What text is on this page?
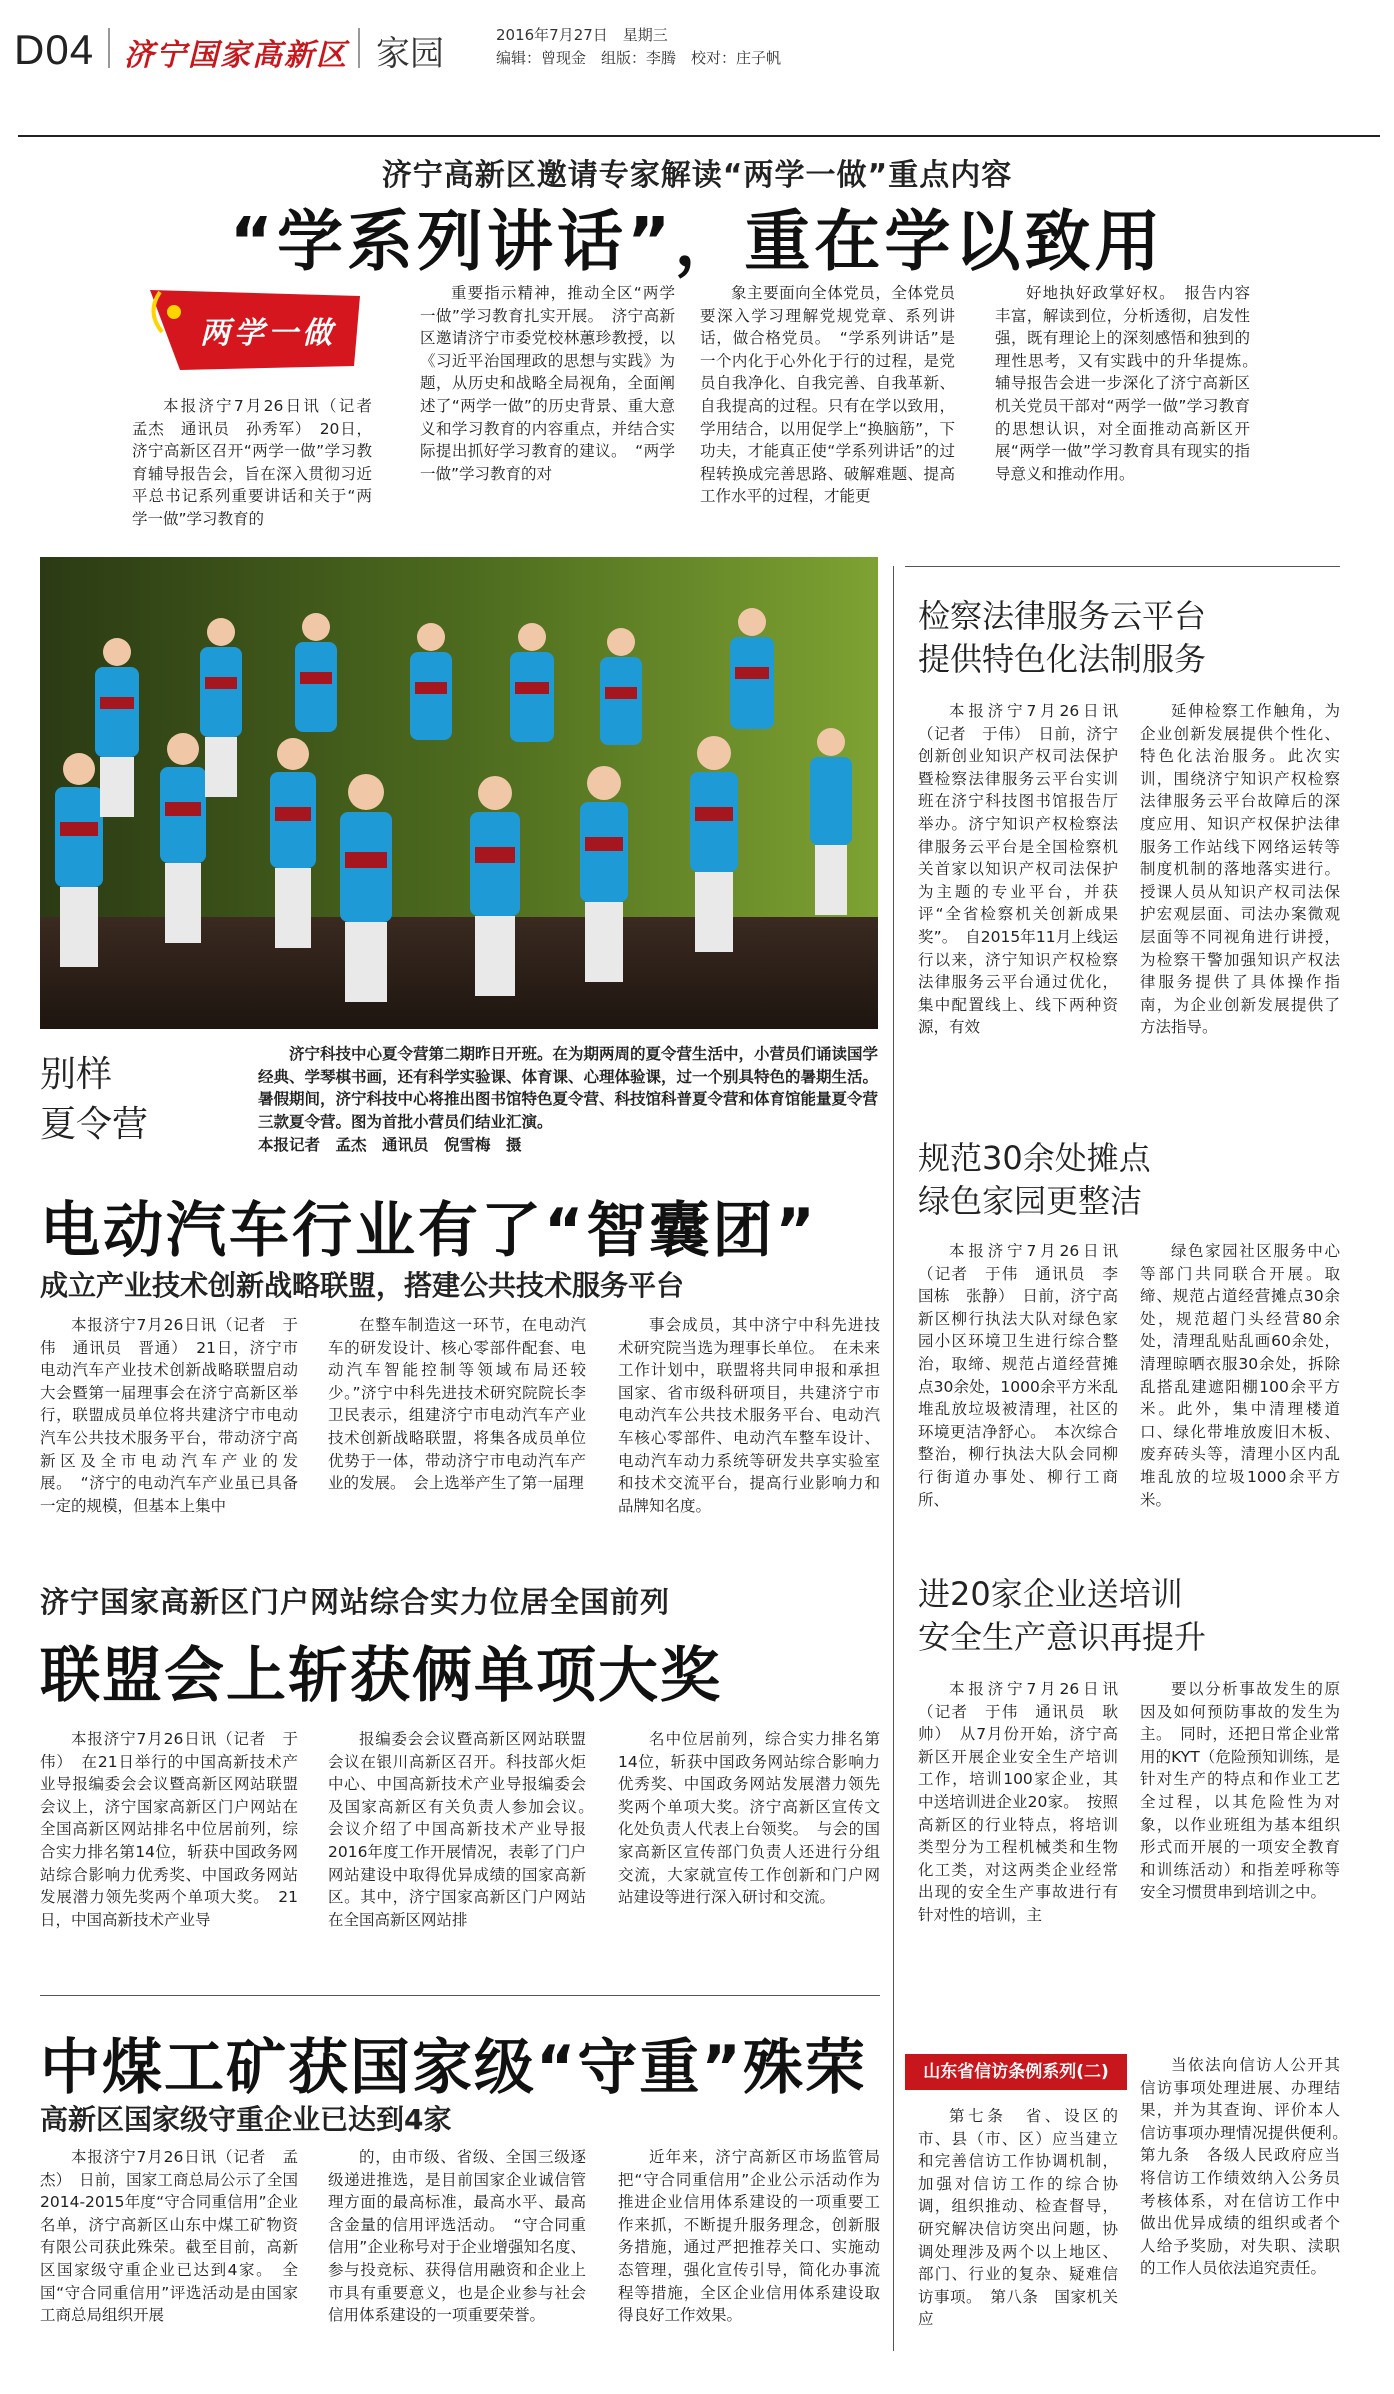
D04 济宁国家高新区 家园	2016年7月27日　星期三
编辑：曾现金　组版：李腾　校对：庄子帆
济宁高新区邀请专家解读“两学一做”重点内容
“学系列讲话”，重在学以致用
两学一做

本报济宁7月26日讯（记者　孟杰　通讯员　孙秀军）　20日，济宁高新区召开“两学一做”学习教育辅导报告会，旨在深入贯彻习近平总书记系列重要讲话和关于“两学一做”学习教育的

重要指示精神，推动全区“两学一做”学习教育扎实开展。　济宁高新区邀请济宁市委党校林蕙珍教授，以《习近平治国理政的思想与实践》为题，从历史和战略全局视角，全面阐述了“两学一做”的历史背景、重大意义和学习教育的内容重点，并结合实际提出抓好学习教育的建议。　“两学一做”学习教育的对

象主要面向全体党员，全体党员要深入学习理解党规党章、系列讲话，做合格党员。　“学系列讲话”是一个内化于心外化于行的过程，是党员自我净化、自我完善、自我革新、自我提高的过程。只有在学以致用，学用结合，以用促学上“换脑筋”，下功夫，才能真正使“学系列讲话”的过程转换成完善思路、破解难题、提高工作水平的过程，才能更

好地执好政掌好权。　报告内容丰富，解读到位，分析透彻，启发性强，既有理论上的深刻感悟和独到的理性思考，又有实践中的升华提炼。　辅导报告会进一步深化了济宁高新区机关党员干部对“两学一做”学习教育的思想认识，对全面推动高新区开展“两学一做”学习教育具有现实的指导意义和推动作用。

别样
夏令营
济宁科技中心夏令营第二期昨日开班。在为期两周的夏令营生活中，小营员们诵读国学经典、学琴棋书画，还有科学实验课、体育课、心理体验课，过一个别具特色的暑期生活。暑假期间，济宁科技中心将推出图书馆特色夏令营、科技馆科普夏令营和体育馆能量夏令营三款夏令营。图为首批小营员们结业汇演。
本报记者　孟杰　通讯员　倪雪梅　摄
电动汽车行业有了“智囊团”
成立产业技术创新战略联盟，搭建公共技术服务平台

本报济宁7月26日讯（记者　于伟　通讯员　晋通）　21日，济宁市电动汽车产业技术创新战略联盟启动大会暨第一届理事会在济宁高新区举行，联盟成员单位将共建济宁市电动汽车公共技术服务平台，带动济宁高新区及全市电动汽车产业的发展。　“济宁的电动汽车产业虽已具备一定的规模，但基本上集中

在整车制造这一环节，在电动汽车的研发设计、核心零部件配套、电动汽车智能控制等领域布局还较少。”济宁中科先进技术研究院院长李卫民表示，组建济宁市电动汽车产业技术创新战略联盟，将集各成员单位优势于一体，带动济宁市电动汽车产业的发展。　会上选举产生了第一届理

事会成员，其中济宁中科先进技术研究院当选为理事长单位。　在未来工作计划中，联盟将共同申报和承担国家、省市级科研项目，共建济宁市电动汽车公共技术服务平台、电动汽车核心零部件、电动汽车整车设计、电动汽车动力系统等研发共享实验室和技术交流平台，提高行业影响力和品牌知名度。

济宁国家高新区门户网站综合实力位居全国前列
联盟会上斩获俩单项大奖

本报济宁7月26日讯（记者　于伟）　在21日举行的中国高新技术产业导报编委会会议暨高新区网站联盟会议上，济宁国家高新区门户网站在全国高新区网站排名中位居前列，综合实力排名第14位，斩获中国政务网站综合影响力优秀奖、中国政务网站发展潜力领先奖两个单项大奖。　21日，中国高新技术产业导

报编委会会议暨高新区网站联盟会议在银川高新区召开。科技部火炬中心、中国高新技术产业导报编委会及国家高新区有关负责人参加会议。　会议介绍了中国高新技术产业导报2016年度工作开展情况，表彰了门户网站建设中取得优异成绩的国家高新区。其中，济宁国家高新区门户网站在全国高新区网站排

名中位居前列，综合实力排名第14位，斩获中国政务网站综合影响力优秀奖、中国政务网站发展潜力领先奖两个单项大奖。济宁高新区宣传文化处负责人代表上台领奖。　与会的国家高新区宣传部门负责人还进行分组交流，大家就宣传工作创新和门户网站建设等进行深入研讨和交流。

中煤工矿获国家级“守重”殊荣
高新区国家级守重企业已达到4家

本报济宁7月26日讯（记者　孟杰）　日前，国家工商总局公示了全国2014-2015年度“守合同重信用”企业名单，济宁高新区山东中煤工矿物资有限公司获此殊荣。截至目前，高新区国家级守重企业已达到4家。　全国“守合同重信用”评选活动是由国家工商总局组织开展

的，由市级、省级、全国三级逐级递进推选，是目前国家企业诚信管理方面的最高标准，最高水平、最高含金量的信用评选活动。　“守合同重信用”企业称号对于企业增强知名度、参与投竞标、获得信用融资和企业上市具有重要意义，也是企业参与社会信用体系建设的一项重要荣誉。

近年来，济宁高新区市场监管局把“守合同重信用”企业公示活动作为推进企业信用体系建设的一项重要工作来抓，不断提升服务理念，创新服务措施，通过严把推荐关口、实施动态管理，强化宣传引导，简化办事流程等措施，全区企业信用体系建设取得良好工作效果。

检察法律服务云平台
提供特色化法制服务

本报济宁7月26日讯（记者　于伟）　日前，济宁创新创业知识产权司法保护暨检察法律服务云平台实训班在济宁科技图书馆报告厅举办。济宁知识产权检察法律服务云平台是全国检察机关首家以知识产权司法保护为主题的专业平台，并获评“全省检察机关创新成果奖”。　自2015年11月上线运行以来，济宁知识产权检察法律服务云平台通过优化，集中配置线上、线下两种资源，有效

延伸检察工作触角，为企业创新发展提供个性化、特色化法治服务。此次实训，围绕济宁知识产权检察法律服务云平台故障后的深度应用、知识产权保护法律服务工作站线下网络运转等制度机制的落地落实进行。授课人员从知识产权司法保护宏观层面、司法办案微观层面等不同视角进行讲授，为检察干警加强知识产权法律服务提供了具体操作指南，为企业创新发展提供了方法指导。

规范30余处摊点
绿色家园更整洁

本报济宁7月26日讯（记者　于伟　通讯员　李国栋　张静）　日前，济宁高新区柳行执法大队对绿色家园小区环境卫生进行综合整治，取缔、规范占道经营摊点30余处，1000余平方米乱堆乱放垃圾被清理，社区的环境更洁净舒心。　本次综合整治，柳行执法大队会同柳行街道办事处、柳行工商所、

绿色家园社区服务中心等部门共同联合开展。取缔、规范占道经营摊点30余处，规范超门头经营80余处，清理乱贴乱画60余处，清理晾晒衣服30余处，拆除乱搭乱建遮阳棚100余平方米。此外，集中清理楼道口、绿化带堆放废旧木板、废弃砖头等，清理小区内乱堆乱放的垃圾1000余平方米。

进20家企业送培训
安全生产意识再提升

本报济宁7月26日讯（记者　于伟　通讯员　耿帅）　从7月份开始，济宁高新区开展企业安全生产培训工作，培训100家企业，其中送培训进企业20家。　按照高新区的行业特点，将培训类型分为工程机械类和生物化工类，对这两类企业经常出现的安全生产事故进行有针对性的培训，主

要以分析事故发生的原因及如何预防事故的发生为主。　同时，还把日常企业常用的KYT（危险预知训练，是针对生产的特点和作业工艺全过程，以其危险性为对象，以作业班组为基本组织形式而开展的一项安全教育和训练活动）和指差呼称等安全习惯贯串到培训之中。

山东省信访条例系列(二)

第七条　省、设区的市、县（市、区）应当建立和完善信访工作协调机制，加强对信访工作的综合协调，组织推动、检查督导，研究解决信访突出问题，协调处理涉及两个以上地区、部门、行业的复杂、疑难信访事项。　第八条　国家机关应

当依法向信访人公开其信访事项处理进展、办理结果，并为其查询、评价本人信访事项办理情况提供便利。　第九条　各级人民政府应当将信访工作绩效纳入公务员考核体系，对在信访工作中做出优异成绩的组织或者个人给予奖励，对失职、渎职的工作人员依法追究责任。
